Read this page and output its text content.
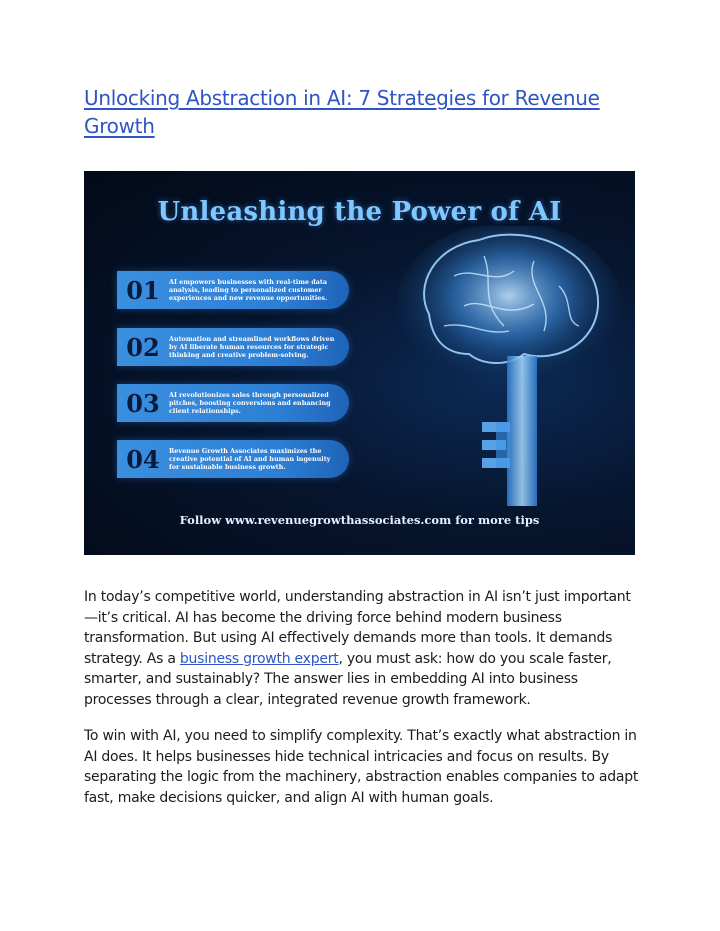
Unlocking Abstraction in AI: 7 Strategies for Revenue Growth
Unleashing the Power of AI
01	AI empowers businesses with real-time data analysis, leading to personalized customer experiences and new revenue opportunities.
02	Automation and streamlined workflows driven by AI liberate human resources for strategic thinking and creative problem-solving.
03	AI revolutionizes sales through personalized pitches, boosting conversions and enhancing client relationships.
04	Revenue Growth Associates maximizes the creative potential of AI and human ingenuity for sustainable business growth.
Follow www.revenuegrowthassociates.com for more tips

In today’s competitive world, understanding abstraction in AI isn’t just important—it’s critical. AI has become the driving force behind modern business transformation. But using AI effectively demands more than tools. It demands strategy. As a business growth expert, you must ask: how do you scale faster, smarter, and sustainably? The answer lies in embedding AI into business processes through a clear, integrated revenue growth framework.

To win with AI, you need to simplify complexity. That’s exactly what abstraction in AI does. It helps businesses hide technical intricacies and focus on results. By separating the logic from the machinery, abstraction enables companies to adapt fast, make decisions quicker, and align AI with human goals.
